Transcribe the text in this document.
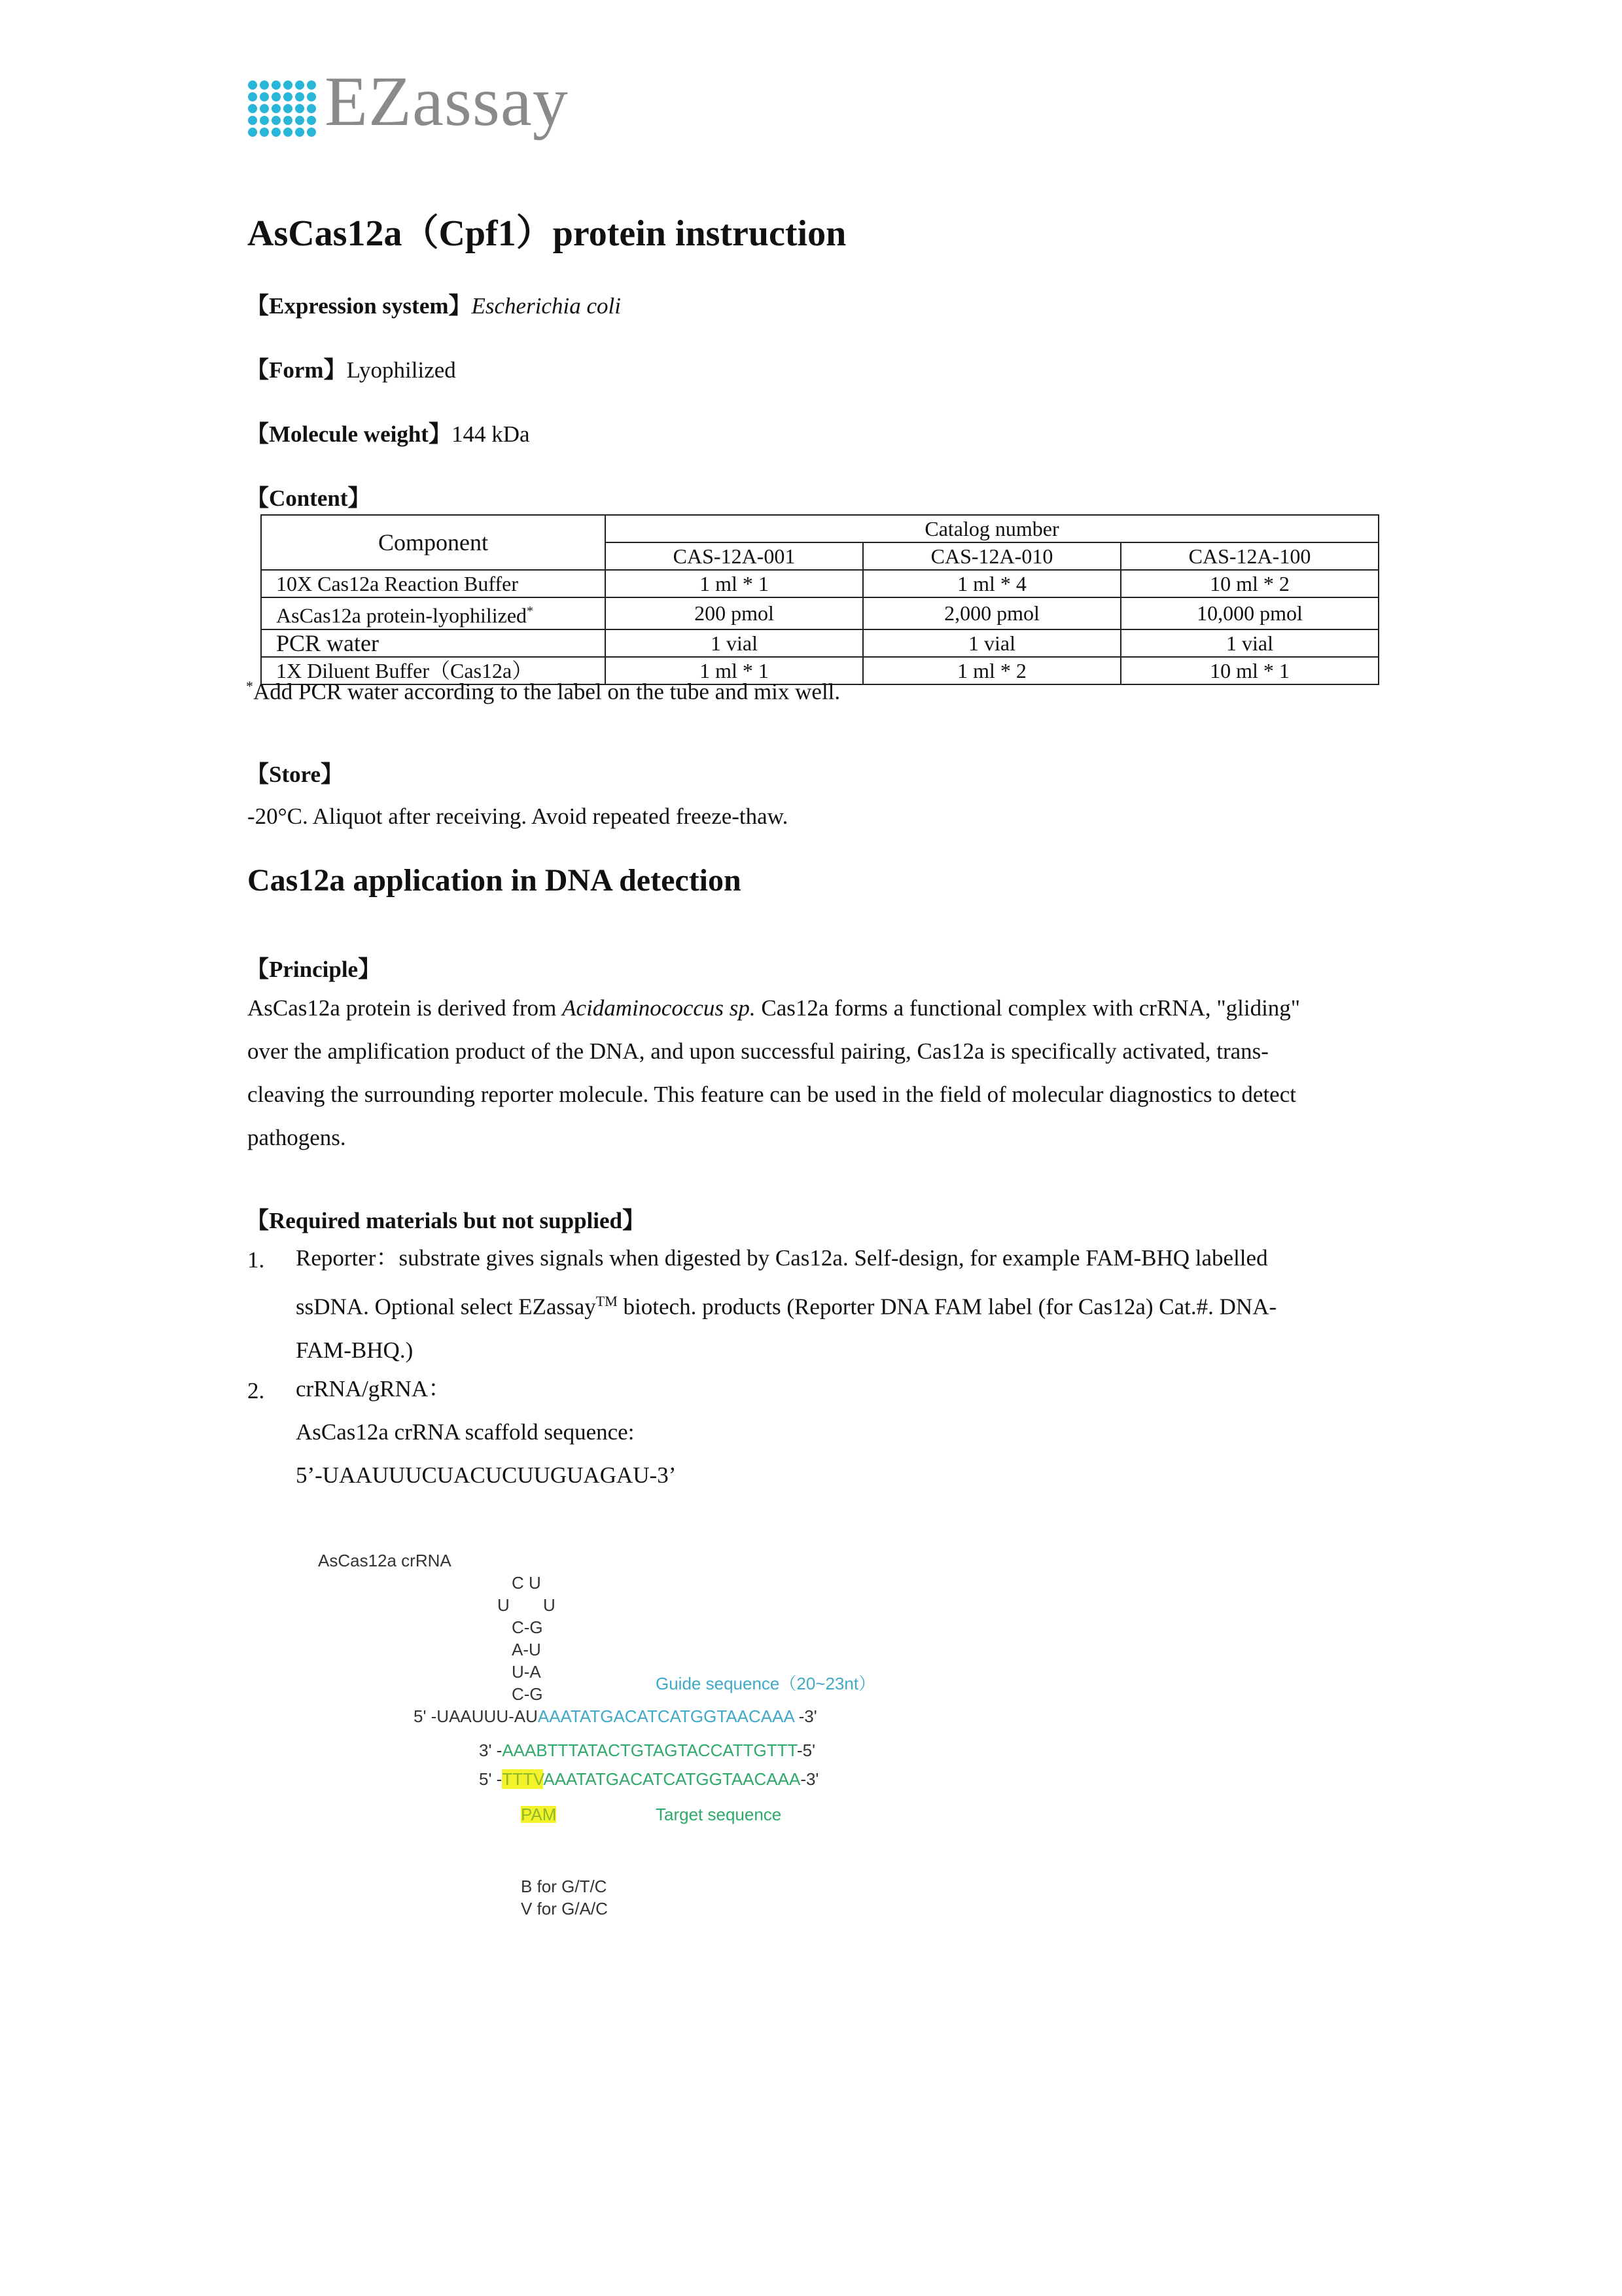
EZassay
AsCas12a（Cpf1）protein instruction
【Expression system】Escherichia coli
【Form】Lyophilized
【Molecule weight】144 kDa
【Content】
Component	Catalog number		
	CAS-12A-001	CAS-12A-010	CAS-12A-100
10X Cas12a Reaction Buffer	1 ml * 1	1 ml * 4	10 ml * 2
AsCas12a protein-lyophilized*	200 pmol	2,000 pmol	10,000 pmol
PCR water	1 vial	1 vial	1 vial
1X Diluent Buffer（Cas12a）	1 ml * 1	1 ml * 2	10 ml * 1
*Add PCR water according to the label on the tube and mix well.
【Store】
-20°C. Aliquot after receiving. Avoid repeated freeze-thaw.
Cas12a application in DNA detection
【Principle】
AsCas12a protein is derived from Acidaminococcus sp. Cas12a forms a functional complex with crRNA, "gliding"
over the amplification product of the DNA, and upon successful pairing, Cas12a is specifically activated, trans-
cleaving the surrounding reporter molecule. This feature can be used in the field of molecular diagnostics to detect
pathogens.
【Required materials but not supplied】
1. Reporter：substrate gives signals when digested by Cas12a. Self-design, for example FAM-BHQ labelled
ssDNA. Optional select EZassay™ biotech. products (Reporter DNA FAM label (for Cas12a) Cat.#. DNA-
FAM-BHQ.)
2. crRNA/gRNA：
AsCas12a crRNA scaffold sequence:
5’-UAAUUUCUACUCUUGUAGAU-3’
AsCas12a crRNA
C U
U U
C-G
A-U
U-A
C-G
Guide sequence（20~23nt）
5' -UAAUUU-AUAAATATGACATCATGGTAACAAA -3'
3' -AAABTTTATACTGTAGTACCATTGTTT-5'
5' -TTTVAAATATGACATCATGGTAACAAA-3'
PAM	Target sequence
B for G/T/C
V for G/A/C
